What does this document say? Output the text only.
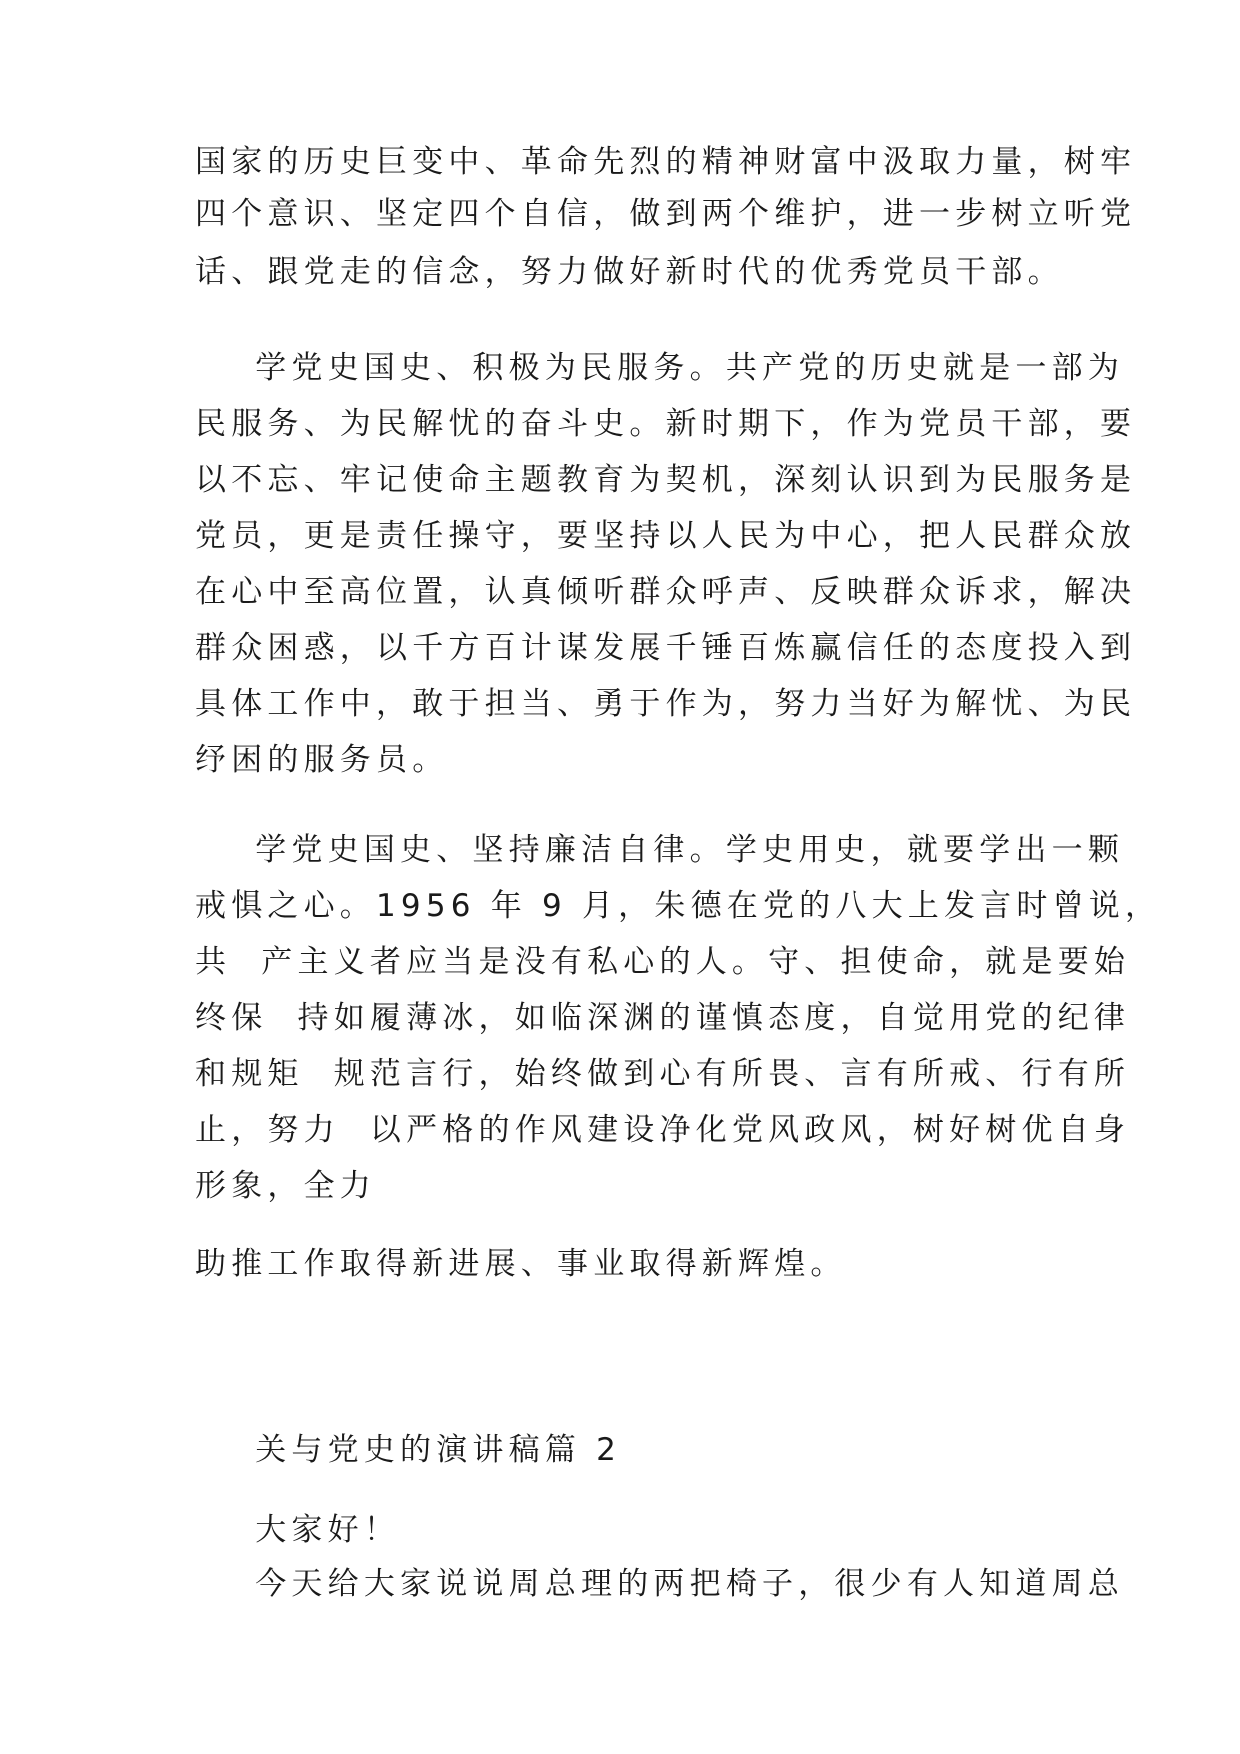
国家的历史巨变中、革命先烈的精神财富中汲取力量，树牢
四个意识、坚定四个自信，做到两个维护，进一步树立听党
话、跟党走的信念，努力做好新时代的优秀党员干部。
学党史国史、积极为民服务。共产党的历史就是一部为
民服务、为民解忧的奋斗史。新时期下，作为党员干部，要
以不忘、牢记使命主题教育为契机，深刻认识到为民服务是
党员，更是责任操守，要坚持以人民为中心，把人民群众放
在心中至高位置，认真倾听群众呼声、反映群众诉求，解决
群众困惑，以千方百计谋发展千锤百炼赢信任的态度投入到
具体工作中，敢于担当、勇于作为，努力当好为解忧、为民
纾困的服务员。
学党史国史、坚持廉洁自律。学史用史，就要学出一颗
戒惧之心。1956 年 9 月，朱德在党的八大上发言时曾说，
共  产主义者应当是没有私心的人。守、担使命，就是要始
终保  持如履薄冰，如临深渊的谨慎态度，自觉用党的纪律
和规矩  规范言行，始终做到心有所畏、言有所戒、行有所
止，努力  以严格的作风建设净化党风政风，树好树优自身
形象，全力
助推工作取得新进展、事业取得新辉煌。
关与党史的演讲稿篇 2
大家好！
今天给大家说说周总理的两把椅子，很少有人知道周总
